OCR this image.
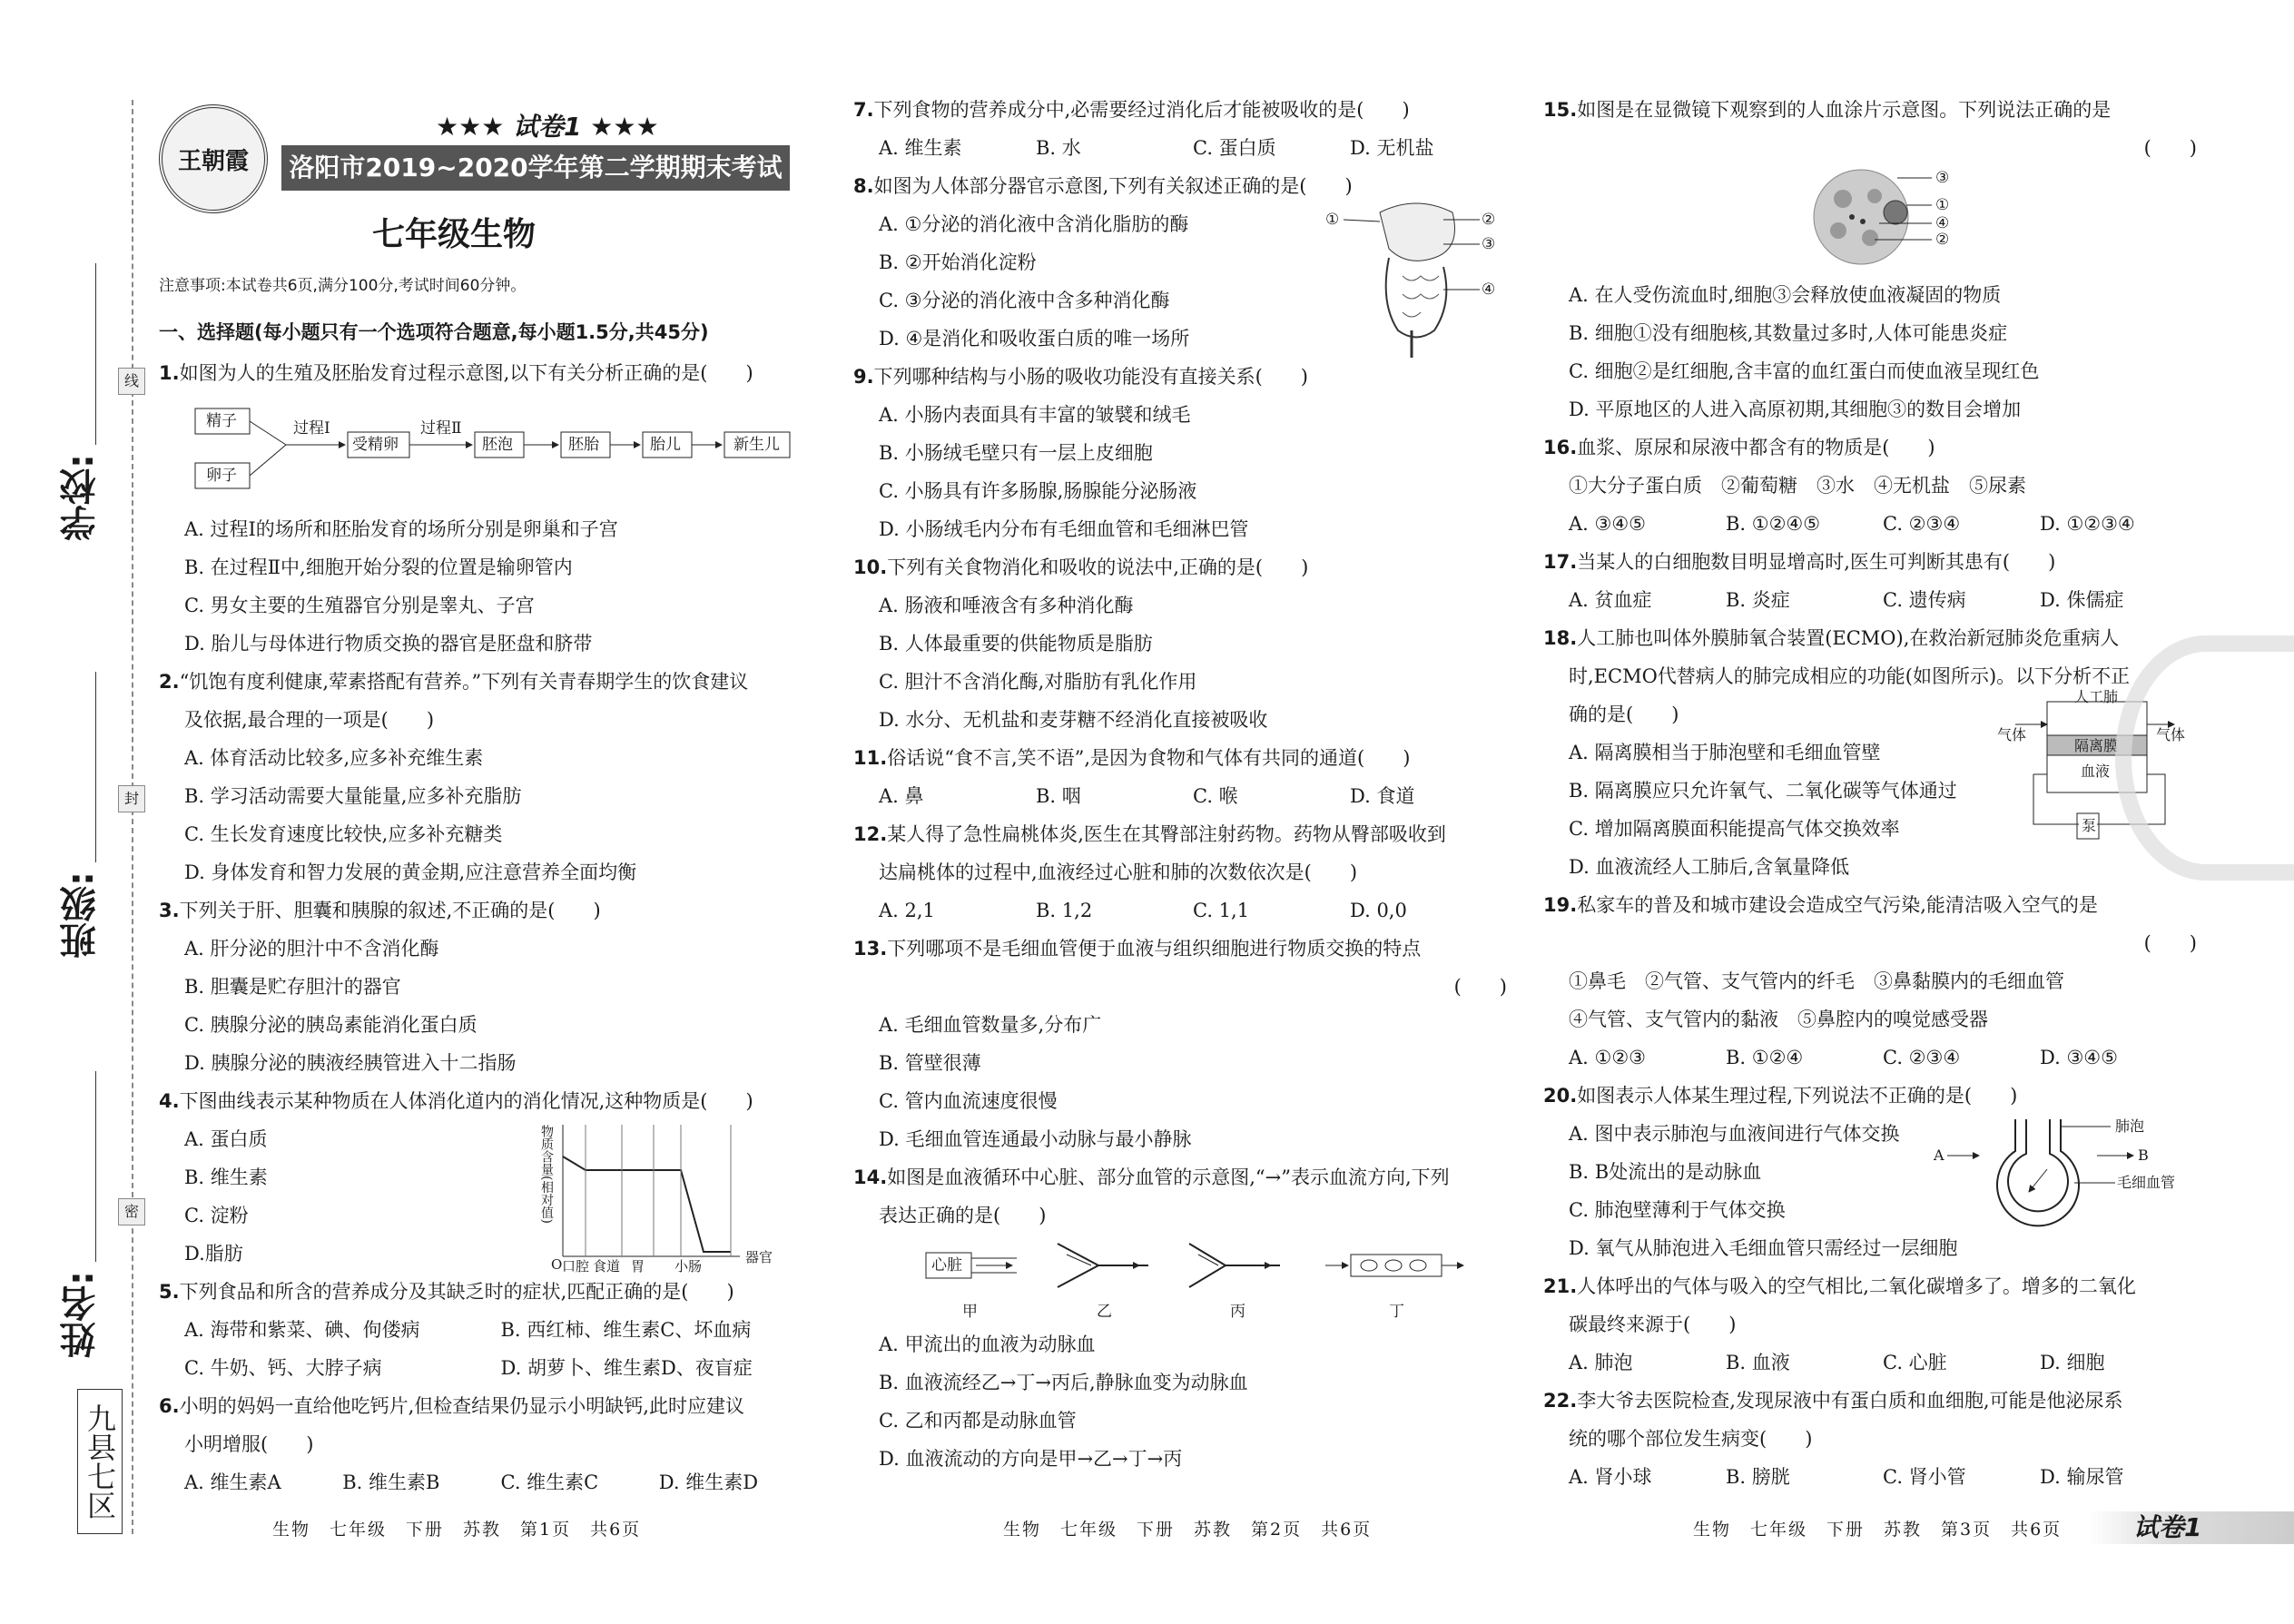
学校:
班级:
姓名:
九县七区
线
封
密
王朝霞
★★★ 试卷1 ★★★
洛阳市2019~2020学年第二学期期末考试试卷
七年级生物
注意事项:本试卷共6页,满分100分,考试时间60分钟。
一、选择题(每小题只有一个选项符合题意,每小题1.5分,共45分)
1.如图为人的生殖及胚胎发育过程示意图,以下有关分析正确的是(　　)
精子
卵子
过程Ⅰ
受精卵
过程Ⅱ
胚泡	胚胎	胎儿	新生儿
A. 过程Ⅰ的场所和胚胎发育的场所分别是卵巢和子宫
B. 在过程Ⅱ中,细胞开始分裂的位置是输卵管内
C. 男女主要的生殖器官分别是睾丸、子宫
D. 胎儿与母体进行物质交换的器官是胚盘和脐带
2.“饥饱有度利健康,荤素搭配有营养。”下列有关青春期学生的饮食建议
及依据,最合理的一项是(　　)
A. 体育活动比较多,应多补充维生素
B. 学习活动需要大量能量,应多补充脂肪
C. 生长发育速度比较快,应多补充糖类
D. 身体发育和智力发展的黄金期,应注意营养全面均衡
3.下列关于肝、胆囊和胰腺的叙述,不正确的是(　　)
A. 肝分泌的胆汁中不含消化酶
B. 胆囊是贮存胆汁的器官
C. 胰腺分泌的胰岛素能消化蛋白质
D. 胰腺分泌的胰液经胰管进入十二指肠
4.下图曲线表示某种物质在人体消化道内的消化情况,这种物质是(　　)
A. 蛋白质
B. 维生素
C. 淀粉
D.脂肪
物质含量(相对值)
O 口腔 食道 胃 小肠
器官
5.下列食品和所含的营养成分及其缺乏时的症状,匹配正确的是(　　)
A. 海带和紫菜、碘、佝偻病	B. 西红柿、维生素C、坏血病
C. 牛奶、钙、大脖子病	D. 胡萝卜、维生素D、夜盲症
6.小明的妈妈一直给他吃钙片,但检查结果仍显示小明缺钙,此时应建议
小明增服(　　)
A. 维生素A	B. 维生素B	C. 维生素C	D. 维生素D
生物　七年级　下册　苏教　第1页　共6页
7.下列食物的营养成分中,必需要经过消化后才能被吸收的是(　　)
A. 维生素	B. 水	C. 蛋白质	D. 无机盐
8.如图为人体部分器官示意图,下列有关叙述正确的是(　　)
A. ①分泌的消化液中含消化脂肪的酶
B. ②开始消化淀粉
C. ③分泌的消化液中含多种消化酶
D. ④是消化和吸收蛋白质的唯一场所
①	②
③
④
9.下列哪种结构与小肠的吸收功能没有直接关系(　　)
A. 小肠内表面具有丰富的皱襞和绒毛
B. 小肠绒毛壁只有一层上皮细胞
C. 小肠具有许多肠腺,肠腺能分泌肠液
D. 小肠绒毛内分布有毛细血管和毛细淋巴管
10.下列有关食物消化和吸收的说法中,正确的是(　　)
A. 肠液和唾液含有多种消化酶
B. 人体最重要的供能物质是脂肪
C. 胆汁不含消化酶,对脂肪有乳化作用
D. 水分、无机盐和麦芽糖不经消化直接被吸收
11.俗话说“食不言,笑不语”,是因为食物和气体有共同的通道(　　)
A. 鼻	B. 咽	C. 喉	D. 食道
12.某人得了急性扁桃体炎,医生在其臀部注射药物。药物从臀部吸收到
达扁桃体的过程中,血液经过心脏和肺的次数依次是(　　)
A. 2,1	B. 1,2	C. 1,1	D. 0,0
13.下列哪项不是毛细血管便于血液与组织细胞进行物质交换的特点
(　　)
A. 毛细血管数量多,分布广
B. 管壁很薄
C. 管内血流速度很慢
D. 毛细血管连通最小动脉与最小静脉
14.如图是血液循环中心脏、部分血管的示意图,“→”表示血流方向,下列
表达正确的是(　　)
心脏
甲	乙	丙	丁
A. 甲流出的血液为动脉血
B. 血液流经乙→丁→丙后,静脉血变为动脉血
C. 乙和丙都是动脉血管
D. 血液流动的方向是甲→乙→丁→丙
生物　七年级　下册　苏教　第2页　共6页
15.如图是在显微镜下观察到的人血涂片示意图。下列说法正确的是
(　　)
③
①
④
②
A. 在人受伤流血时,细胞③会释放使血液凝固的物质
B. 细胞①没有细胞核,其数量过多时,人体可能患炎症
C. 细胞②是红细胞,含丰富的血红蛋白而使血液呈现红色
D. 平原地区的人进入高原初期,其细胞③的数目会增加
16.血浆、原尿和尿液中都含有的物质是(　　)
①大分子蛋白质　②葡萄糖　③水　④无机盐　⑤尿素
A. ③④⑤	B. ①②④⑤	C. ②③④	D. ①②③④
17.当某人的白细胞数目明显增高时,医生可判断其患有(　　)
A. 贫血症	B. 炎症	C. 遗传病	D. 侏儒症
18.人工肺也叫体外膜肺氧合装置(ECMO),在救治新冠肺炎危重病人
时,ECMO代替病人的肺完成相应的功能(如图所示)。以下分析不正
确的是(　　)
A. 隔离膜相当于肺泡壁和毛细血管壁
B. 隔离膜应只允许氧气、二氧化碳等气体通过
C. 增加隔离膜面积能提高气体交换效率
D. 血液流经人工肺后,含氧量降低
人工肺
气体	气体
隔离膜
血液
泵
19.私家车的普及和城市建设会造成空气污染,能清洁吸入空气的是
(　　)
①鼻毛　②气管、支气管内的纤毛　③鼻黏膜内的毛细血管
④气管、支气管内的黏液　⑤鼻腔内的嗅觉感受器
A. ①②③	B. ①②④	C. ②③④	D. ③④⑤
20.如图表示人体某生理过程,下列说法不正确的是(　　)
A. 图中表示肺泡与血液间进行气体交换
B. B处流出的是动脉血
C. 肺泡壁薄利于气体交换
D. 氧气从肺泡进入毛细血管只需经过一层细胞
肺泡
A	B
毛细血管
21.人体呼出的气体与吸入的空气相比,二氧化碳增多了。增多的二氧化
碳最终来源于(　　)
A. 肺泡	B. 血液	C. 心脏	D. 细胞
22.李大爷去医院检查,发现尿液中有蛋白质和血细胞,可能是他泌尿系
统的哪个部位发生病变(　　)
A. 肾小球	B. 膀胱	C. 肾小管	D. 输尿管
生物　七年级　下册　苏教　第3页　共6页	试卷1
